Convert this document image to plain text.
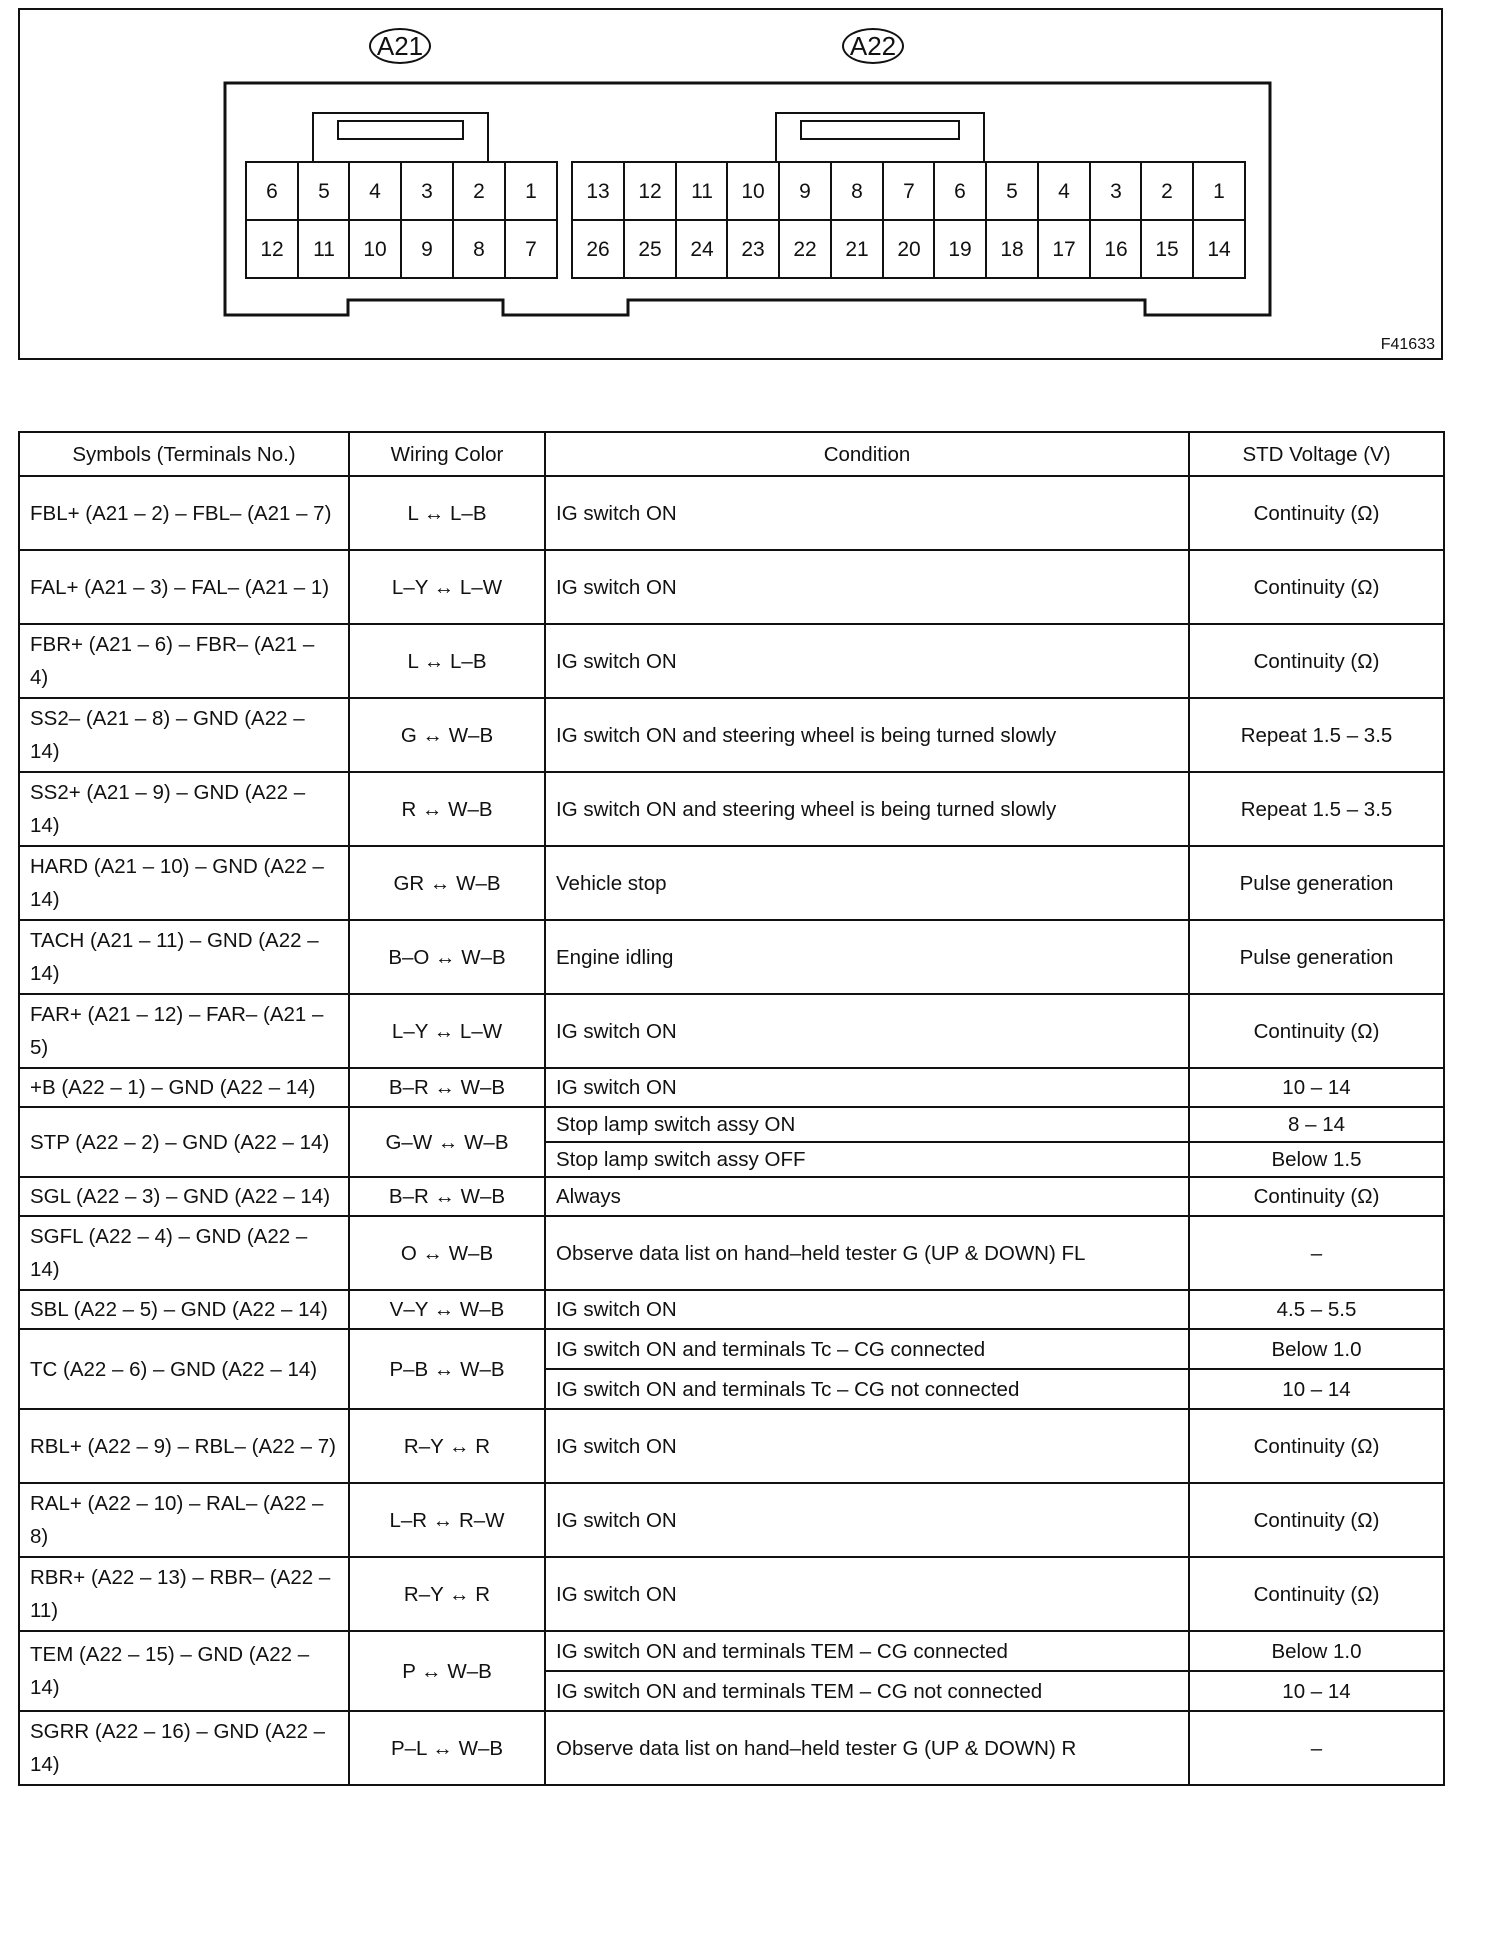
A21	A22
6	5	4	3	2	1
12	11	10	9	8	7
13	12	11	10	9	8	7	6	5	4	3	2	1
26	25	24	23	22	21	20	19	18	17	16	15	14
F41633
Symbols (Terminals No.)	Wiring Color	Condition	STD Voltage (V)
FBL+ (A21 – 2) – FBL– (A21 – 7)	L ↔ L–B	IG switch ON	Continuity (Ω)
FAL+ (A21 – 3) – FAL– (A21 – 1)	L–Y ↔ L–W	IG switch ON	Continuity (Ω)
FBR+ (A21 – 6) – FBR– (A21 – 4)	L ↔ L–B	IG switch ON	Continuity (Ω)
SS2– (A21 – 8) – GND (A22 – 14)	G ↔ W–B	IG switch ON and steering wheel is being turned slowly	Repeat 1.5 – 3.5
SS2+ (A21 – 9) – GND (A22 – 14)	R ↔ W–B	IG switch ON and steering wheel is being turned slowly	Repeat 1.5 – 3.5
HARD (A21 – 10) – GND (A22 – 14)	GR ↔ W–B	Vehicle stop	Pulse generation
TACH (A21 – 11) – GND (A22 – 14)	B–O ↔ W–B	Engine idling	Pulse generation
FAR+ (A21 – 12) – FAR– (A21 – 5)	L–Y ↔ L–W	IG switch ON	Continuity (Ω)
+B (A22 – 1) – GND (A22 – 14)	B–R ↔ W–B	IG switch ON	10 – 14
STP (A22 – 2) – GND (A22 – 14)	G–W ↔ W–B	Stop lamp switch assy ON	8 – 14
		Stop lamp switch assy OFF	Below 1.5
SGL (A22 – 3) – GND (A22 – 14)	B–R ↔ W–B	Always	Continuity (Ω)
SGFL (A22 – 4) – GND (A22 – 14)	O ↔ W–B	Observe data list on hand–held tester G (UP & DOWN) FL	–
SBL (A22 – 5) – GND (A22 – 14)	V–Y ↔ W–B	IG switch ON	4.5 – 5.5
TC (A22 – 6) – GND (A22 – 14)	P–B ↔ W–B	IG switch ON and terminals Tc – CG connected	Below 1.0
		IG switch ON and terminals Tc – CG not connected	10 – 14
RBL+ (A22 – 9) – RBL– (A22 – 7)	R–Y ↔ R	IG switch ON	Continuity (Ω)
RAL+ (A22 – 10) – RAL– (A22 – 8)	L–R ↔ R–W	IG switch ON	Continuity (Ω)
RBR+ (A22 – 13) – RBR– (A22 – 11)	R–Y ↔ R	IG switch ON	Continuity (Ω)
TEM (A22 – 15) – GND (A22 – 14)	P ↔ W–B	IG switch ON and terminals TEM – CG connected	Below 1.0
		IG switch ON and terminals TEM – CG not connected	10 – 14
SGRR (A22 – 16) – GND (A22 – 14)	P–L ↔ W–B	Observe data list on hand–held tester G (UP & DOWN) R	–
